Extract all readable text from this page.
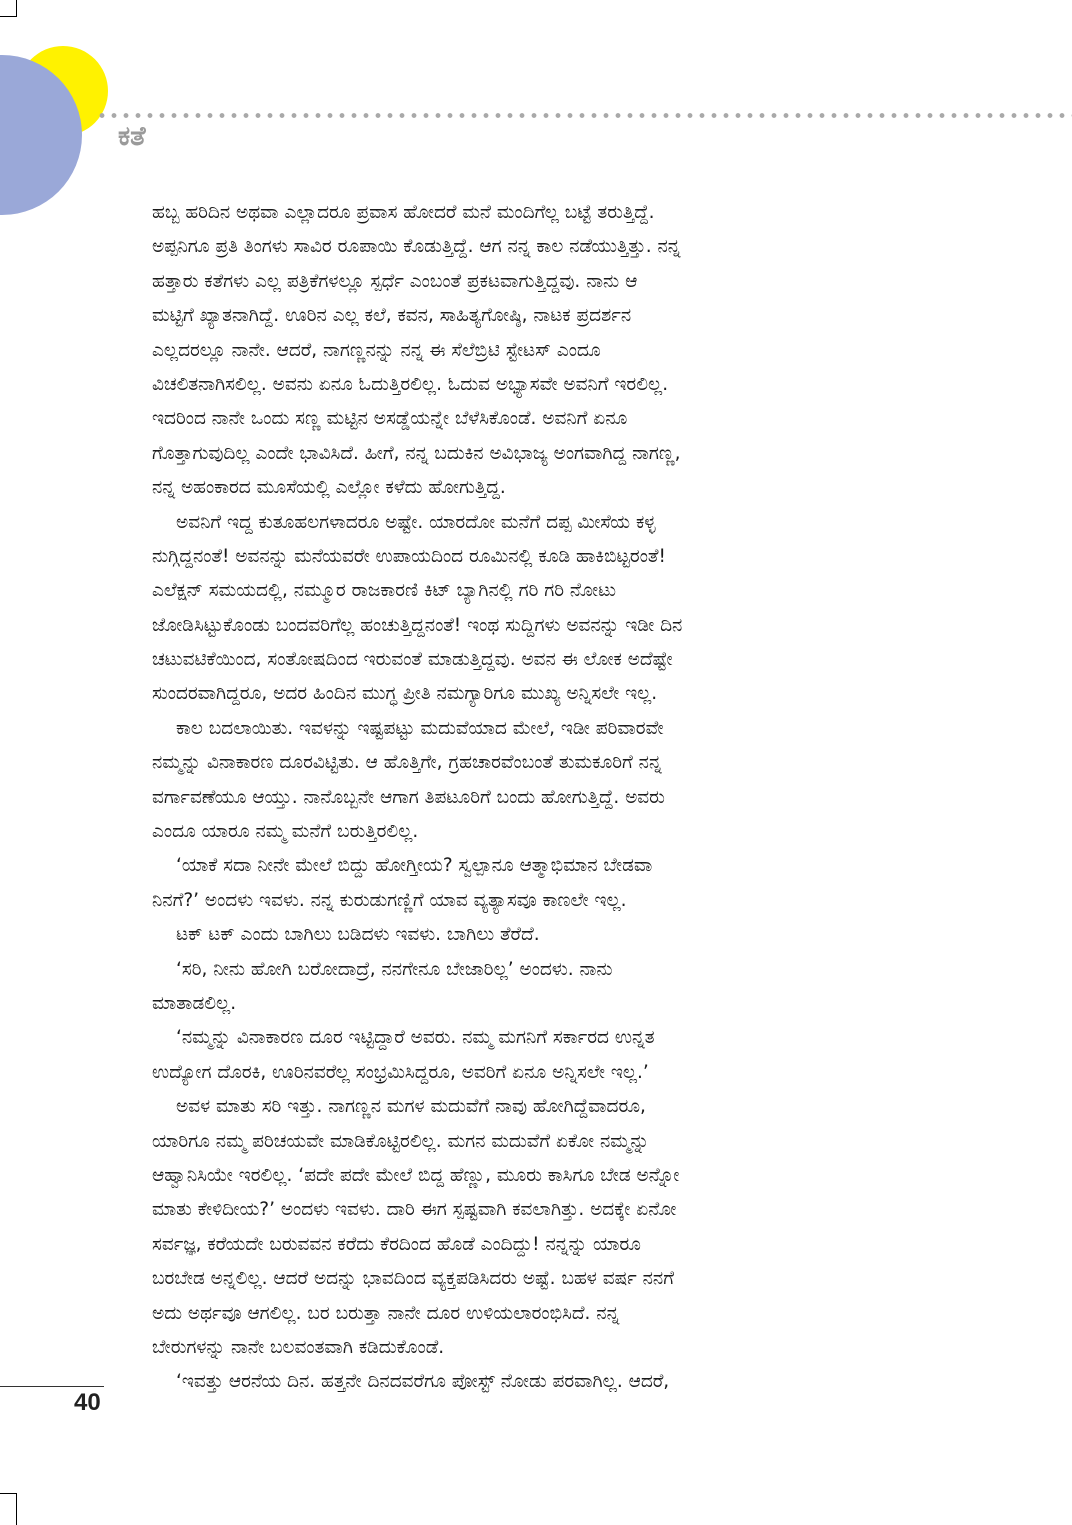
ಕತೆ
ಹಬ್ಬ ಹರಿದಿನ ಅಥವಾ ಎಲ್ಲಾದರೂ ಪ್ರವಾಸ ಹೋದರೆ ಮನೆ ಮಂದಿಗೆಲ್ಲ ಬಟ್ಟೆ ತರುತ್ತಿದ್ದೆ.
ಅಪ್ಪನಿಗೂ ಪ್ರತಿ ತಿಂಗಳು ಸಾವಿರ ರೂಪಾಯಿ ಕೊಡುತ್ತಿದ್ದೆ. ಆಗ ನನ್ನ ಕಾಲ ನಡೆಯುತ್ತಿತ್ತು. ನನ್ನ
ಹತ್ತಾರು ಕತೆಗಳು ಎಲ್ಲ ಪತ್ರಿಕೆಗಳಲ್ಲೂ ಸ್ಪರ್ಧೆ ಎಂಬಂತೆ ಪ್ರಕಟವಾಗುತ್ತಿದ್ದವು. ನಾನು ಆ
ಮಟ್ಟಿಗೆ ಖ್ಯಾತನಾಗಿದ್ದೆ. ಊರಿನ ಎಲ್ಲ ಕಲೆ, ಕವನ, ಸಾಹಿತ್ಯಗೋಷ್ಠಿ, ನಾಟಕ ಪ್ರದರ್ಶನ
ಎಲ್ಲದರಲ್ಲೂ ನಾನೇ. ಆದರೆ, ನಾಗಣ್ಣನನ್ನು ನನ್ನ ಈ ಸೆಲೆಬ್ರಿಟಿ ಸ್ಟೇಟಸ್ ಎಂದೂ
ವಿಚಲಿತನಾಗಿಸಲಿಲ್ಲ. ಅವನು ಏನೂ ಓದುತ್ತಿರಲಿಲ್ಲ. ಓದುವ ಅಭ್ಯಾಸವೇ ಅವನಿಗೆ ಇರಲಿಲ್ಲ.
ಇದರಿಂದ ನಾನೇ ಒಂದು ಸಣ್ಣ ಮಟ್ಟಿನ ಅಸಡ್ಡೆಯನ್ನೇ ಬೆಳೆಸಿಕೊಂಡೆ. ಅವನಿಗೆ ಏನೂ
ಗೊತ್ತಾಗುವುದಿಲ್ಲ ಎಂದೇ ಭಾವಿಸಿದೆ. ಹೀಗೆ, ನನ್ನ ಬದುಕಿನ ಅವಿಭಾಜ್ಯ ಅಂಗವಾಗಿದ್ದ ನಾಗಣ್ಣ,
ನನ್ನ ಅಹಂಕಾರದ ಮೂಸೆಯಲ್ಲಿ ಎಲ್ಲೋ ಕಳೆದು ಹೋಗುತ್ತಿದ್ದ.
ಅವನಿಗೆ ಇದ್ದ ಕುತೂಹಲಗಳಾದರೂ ಅಷ್ಟೇ. ಯಾರದೋ ಮನೆಗೆ ದಪ್ಪ ಮೀಸೆಯ ಕಳ್ಳ
ನುಗ್ಗಿದ್ದನಂತೆ! ಅವನನ್ನು ಮನೆಯವರೇ ಉಪಾಯದಿಂದ ರೂಮಿನಲ್ಲಿ ಕೂಡಿ ಹಾಕಿಬಿಟ್ಟರಂತೆ!
ಎಲೆಕ್ಷನ್ ಸಮಯದಲ್ಲಿ, ನಮ್ಮೂರ ರಾಜಕಾರಣಿ ಕಿಟ್ ಬ್ಯಾಗಿನಲ್ಲಿ ಗರಿ ಗರಿ ನೋಟು
ಜೋಡಿಸಿಟ್ಟುಕೊಂಡು ಬಂದವರಿಗೆಲ್ಲ ಹಂಚುತ್ತಿದ್ದನಂತೆ! ಇಂಥ ಸುದ್ದಿಗಳು ಅವನನ್ನು ಇಡೀ ದಿನ
ಚಟುವಟಿಕೆಯಿಂದ, ಸಂತೋಷದಿಂದ ಇರುವಂತೆ ಮಾಡುತ್ತಿದ್ದವು. ಅವನ ಈ ಲೋಕ ಅದೆಷ್ಟೇ
ಸುಂದರವಾಗಿದ್ದರೂ, ಅದರ ಹಿಂದಿನ ಮುಗ್ಧ ಪ್ರೀತಿ ನಮಗ್ಯಾರಿಗೂ ಮುಖ್ಯ ಅನ್ನಿಸಲೇ ಇಲ್ಲ.
ಕಾಲ ಬದಲಾಯಿತು. ಇವಳನ್ನು ಇಷ್ಟಪಟ್ಟು ಮದುವೆಯಾದ ಮೇಲೆ, ಇಡೀ ಪರಿವಾರವೇ
ನಮ್ಮನ್ನು ವಿನಾಕಾರಣ ದೂರವಿಟ್ಟಿತು. ಆ ಹೊತ್ತಿಗೇ, ಗ್ರಹಚಾರವೆಂಬಂತೆ ತುಮಕೂರಿಗೆ ನನ್ನ
ವರ್ಗಾವಣೆಯೂ ಆಯ್ತು. ನಾನೊಬ್ಬನೇ ಆಗಾಗ ತಿಪಟೂರಿಗೆ ಬಂದು ಹೋಗುತ್ತಿದ್ದೆ. ಅವರು
ಎಂದೂ ಯಾರೂ ನಮ್ಮ ಮನೆಗೆ ಬರುತ್ತಿರಲಿಲ್ಲ.
‘ಯಾಕೆ ಸದಾ ನೀನೇ ಮೇಲೆ ಬಿದ್ದು ಹೋಗ್ತೀಯ? ಸ್ವಲ್ಪಾನೂ ಆತ್ಮಾಭಿಮಾನ ಬೇಡವಾ
ನಿನಗೆ?’ ಅಂದಳು ಇವಳು. ನನ್ನ ಕುರುಡುಗಣ್ಣಿಗೆ ಯಾವ ವ್ಯತ್ಯಾಸವೂ ಕಾಣಲೇ ಇಲ್ಲ.
ಟಕ್ ಟಕ್ ಎಂದು ಬಾಗಿಲು ಬಡಿದಳು ಇವಳು. ಬಾಗಿಲು ತೆರೆದೆ.
‘ಸರಿ, ನೀನು ಹೋಗಿ ಬರೋದಾದ್ರೆ, ನನಗೇನೂ ಬೇಜಾರಿಲ್ಲ’ ಅಂದಳು. ನಾನು
ಮಾತಾಡಲಿಲ್ಲ.
‘ನಮ್ಮನ್ನು ವಿನಾಕಾರಣ ದೂರ ಇಟ್ಟಿದ್ದಾರೆ ಅವರು. ನಮ್ಮ ಮಗನಿಗೆ ಸರ್ಕಾರದ ಉನ್ನತ
ಉದ್ಯೋಗ ದೊರಕಿ, ಊರಿನವರೆಲ್ಲ ಸಂಭ್ರಮಿಸಿದ್ದರೂ, ಅವರಿಗೆ ಏನೂ ಅನ್ನಿಸಲೇ ಇಲ್ಲ.’
ಅವಳ ಮಾತು ಸರಿ ಇತ್ತು. ನಾಗಣ್ಣನ ಮಗಳ ಮದುವೆಗೆ ನಾವು ಹೋಗಿದ್ದೆವಾದರೂ,
ಯಾರಿಗೂ ನಮ್ಮ ಪರಿಚಯವೇ ಮಾಡಿಕೊಟ್ಟಿರಲಿಲ್ಲ. ಮಗನ ಮದುವೆಗೆ ಏಕೋ ನಮ್ಮನ್ನು
ಆಹ್ವಾನಿಸಿಯೇ ಇರಲಿಲ್ಲ. ‘ಪದೇ ಪದೇ ಮೇಲೆ ಬಿದ್ದ ಹೆಣ್ಣು, ಮೂರು ಕಾಸಿಗೂ ಬೇಡ ಅನ್ನೋ
ಮಾತು ಕೇಳಿದೀಯ?’ ಅಂದಳು ಇವಳು. ದಾರಿ ಈಗ ಸ್ಪಷ್ಟವಾಗಿ ಕವಲಾಗಿತ್ತು. ಅದಕ್ಕೇ ಏನೋ
ಸರ್ವಜ್ಞ, ಕರೆಯದೇ ಬರುವವನ ಕರೆದು ಕೆರದಿಂದ ಹೊಡೆ ಎಂದಿದ್ದು! ನನ್ನನ್ನು ಯಾರೂ
ಬರಬೇಡ ಅನ್ನಲಿಲ್ಲ. ಆದರೆ ಅದನ್ನು ಭಾವದಿಂದ ವ್ಯಕ್ತಪಡಿಸಿದರು ಅಷ್ಟೆ. ಬಹಳ ವರ್ಷ ನನಗೆ
ಅದು ಅರ್ಥವೂ ಆಗಲಿಲ್ಲ. ಬರ ಬರುತ್ತಾ ನಾನೇ ದೂರ ಉಳಿಯಲಾರಂಭಿಸಿದೆ. ನನ್ನ
ಬೇರುಗಳನ್ನು ನಾನೇ ಬಲವಂತವಾಗಿ ಕಡಿದುಕೊಂಡೆ.
‘ಇವತ್ತು ಆರನೆಯ ದಿನ. ಹತ್ತನೇ ದಿನದವರೆಗೂ ಪೋಸ್ಟ್ ನೋಡು ಪರವಾಗಿಲ್ಲ. ಆದರೆ,
40
